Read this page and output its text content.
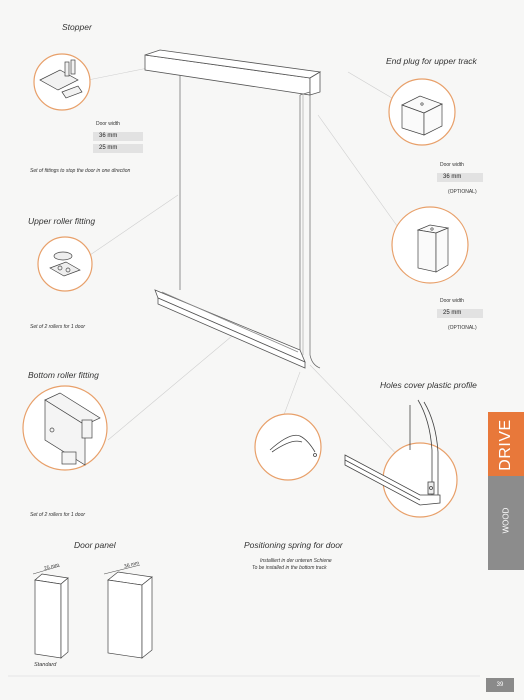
Stopper
Door width
36 mm
25 mm
Set of fittings to stop the door in one direction
Upper roller fitting
Set of 2 rollers for 1 door
Bottom roller fitting
Set of 2 rollers for 1 door
Door panel
25 mm	36 mm
Standard
End plug for upper track
Door width
36 mm
(OPTIONAL)
Door width
25 mm
(OPTIONAL)
Holes cover plastic profile
Positioning spring for door
Installiert in der unteren Schiene
To be installed in the bottom track
DRIVE
WOOD
39
